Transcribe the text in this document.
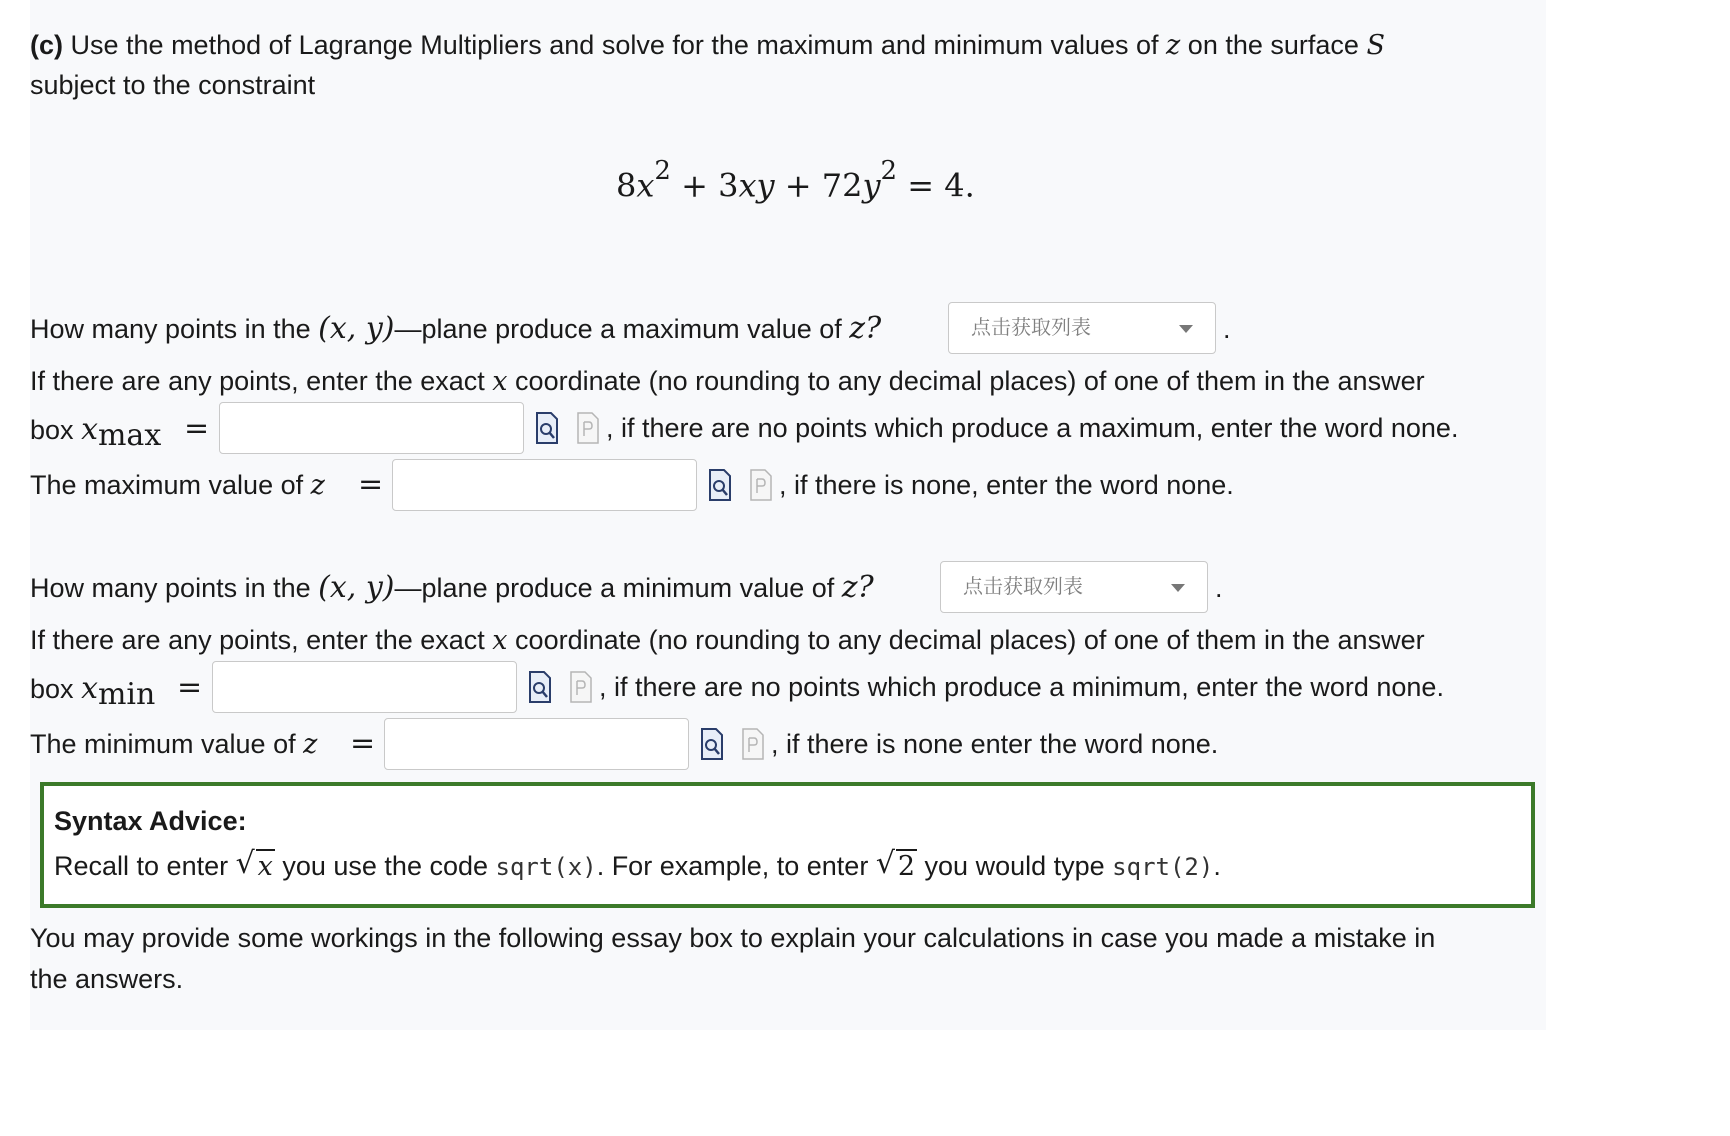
(c) Use the method of Lagrange Multipliers and solve for the maximum and minimum values of z on the surface S
subject to the constraint
$8x^2 + 3xy + 72y^2 = 4$.
How many points in the (x, y)—plane produce a maximum value of z?	点击获取列表	.
If there are any points, enter the exact x coordinate (no rounding to any decimal places) of one of them in the answer
box xmax =	, if there are no points which produce a maximum, enter the word none.
The maximum value of z =	, if there is none, enter the word none.
How many points in the (x, y)—plane produce a minimum value of z?	点击获取列表	.
If there are any points, enter the exact x coordinate (no rounding to any decimal places) of one of them in the answer
box xmin =	, if there are no points which produce a minimum, enter the word none.
The minimum value of z =	, if there is none enter the word none.
Syntax Advice:
Recall to enter √ x you use the code sqrt(x). For example, to enter √ 2 you would type sqrt(2).
You may provide some workings in the following essay box to explain your calculations in case you made a mistake in
the answers.
